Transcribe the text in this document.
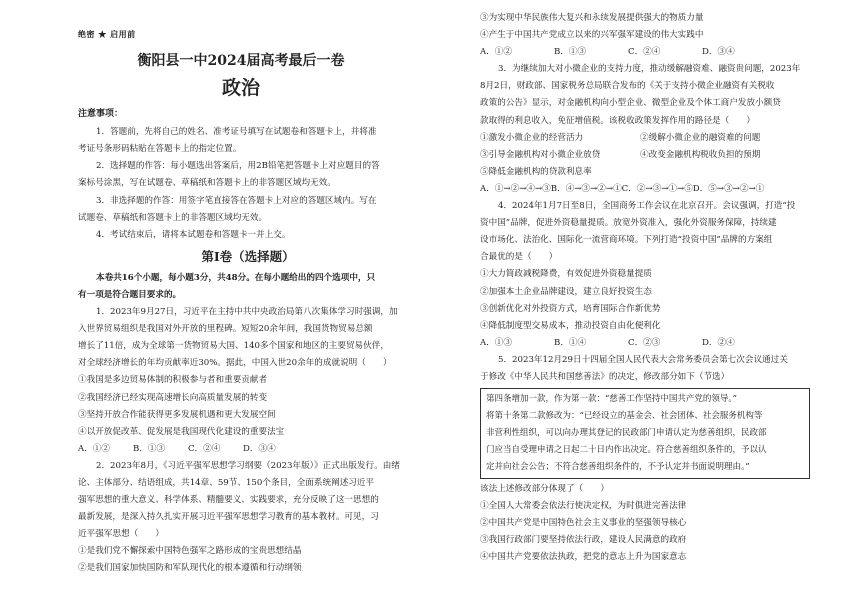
绝密 ★ 启用前
衡阳县一中2024届高考最后一卷
政治
注意事项：
1．答题前，先将自己的姓名、准考证号填写在试题卷和答题卡上，并将准
考证号条形码粘贴在答题卡上的指定位置。
2．选择题的作答：每小题选出答案后，用2B铅笔把答题卡上对应题目的答
案标号涂黑，写在试题卷、草稿纸和答题卡上的非答题区域均无效。
3．非选择题的作答：用签字笔直接答在答题卡上对应的答题区域内。写在
试题卷、草稿纸和答题卡上的非答题区域均无效。
4．考试结束后，请将本试题卷和答题卡一并上交。
第Ⅰ卷（选择题）
本卷共16个小题，每小题3分，共48分。在每小题给出的四个选项中，只
有一项是符合题目要求的。
1．2023年9月27日，习近平在主持中共中央政治局第八次集体学习时强调，加
入世界贸易组织是我国对外开放的里程碑。短短20余年间，我国货物贸易总额
增长了11倍，成为全球第一货物贸易大国、140多个国家和地区的主要贸易伙伴，
对全球经济增长的年均贡献率近30%。据此，中国入世20余年的成就说明（　　）
①我国是多边贸易体制的积极参与者和重要贡献者
②我国经济已经实现高速增长向高质量发展的转变
③坚持开放合作能获得更多发展机遇和更大发展空间
④以开放促改革、促发展是我国现代化建设的重要法宝
A．①②	B．①③	C．②④	D．③④
2．2023年8月，《习近平强军思想学习纲要（2023年版）》正式出版发行。由绪
论、主体部分、结语组成，共14章、59节、150个条目，全面系统阐述习近平
强军思想的重大意义、科学体系、精髓要义、实践要求，充分反映了这一思想的
最新发展，是深入持久扎实开展习近平强军思想学习教育的基本教材。可见，习
近平强军思想（　　）
①是我们党不懈探索中国特色强军之路形成的宝贵思想结晶
②是我们国家加快国防和军队现代化的根本遵循和行动纲领
③为实现中华民族伟大复兴和永续发展提供强大的物质力量
④产生于中国共产党成立以来的兴军强军建设的伟大实践中
A．①②	B．①③	C．②④	D．③④
3．为继续加大对小微企业的支持力度，推动缓解融资难、融资贵问题，2023年
8月2日，财政部、国家税务总局联合发布的《关于支持小微企业融资有关税收
政策的公告》显示，对金融机构向小型企业、微型企业及个体工商户发放小额贷
款取得的利息收入，免征增值税。该税收政策发挥作用的路径是（　　）
①激发小微企业的经营活力	②缓解小微企业的融资难的问题
③引导金融机构对小微企业放贷	④改变金融机构税收负担的预期
⑤降低金融机构的贷款利息率
A．①→②→④→③B．④→③→②→①C．②→③→①→⑤D．⑤→③→②→①
4．2024年1月7日至8日，全国商务工作会议在北京召开。会议强调，打造“投
资中国”品牌，促进外资稳量提质。放宽外资准入，强化外资服务保障，持续建
设市场化、法治化、国际化一流营商环境。下列打造“投资中国”品牌的方案组
合最优的是（　　）
①大力简政减税降费，有效促进外资稳量提质
②加强本土企业品牌建设，建立良好投资生态
③创新优化对外投资方式，培育国际合作新优势
④降低制度型交易成本，推动投资自由化便利化
A．①③	B．①④	C．②③	D．②④
5．2023年12月29日十四届全国人民代表大会常务委员会第七次会议通过关
于修改《中华人民共和国慈善法》的决定，修改部分如下（节选）
第四条增加一款，作为第一款：“慈善工作坚持中国共产党的领导。”
将第十条第二款修改为：“已经设立的基金会、社会团体、社会服务机构等
非营利性组织，可以向办理其登记的民政部门申请认定为慈善组织，民政部
门应当自受理申请之日起二十日内作出决定。符合慈善组织条件的，予以认
定并向社会公告；不符合慈善组织条件的，不予认定并书面说明理由。”
该法上述修改部分体现了（　　）
①全国人大常委会依法行使决定权，为时俱进完善法律
②中国共产党是中国特色社会主义事业的坚强领导核心
③我国行政部门要坚持依法行政，建设人民满意的政府
④中国共产党要依法执政，把党的意志上升为国家意志
